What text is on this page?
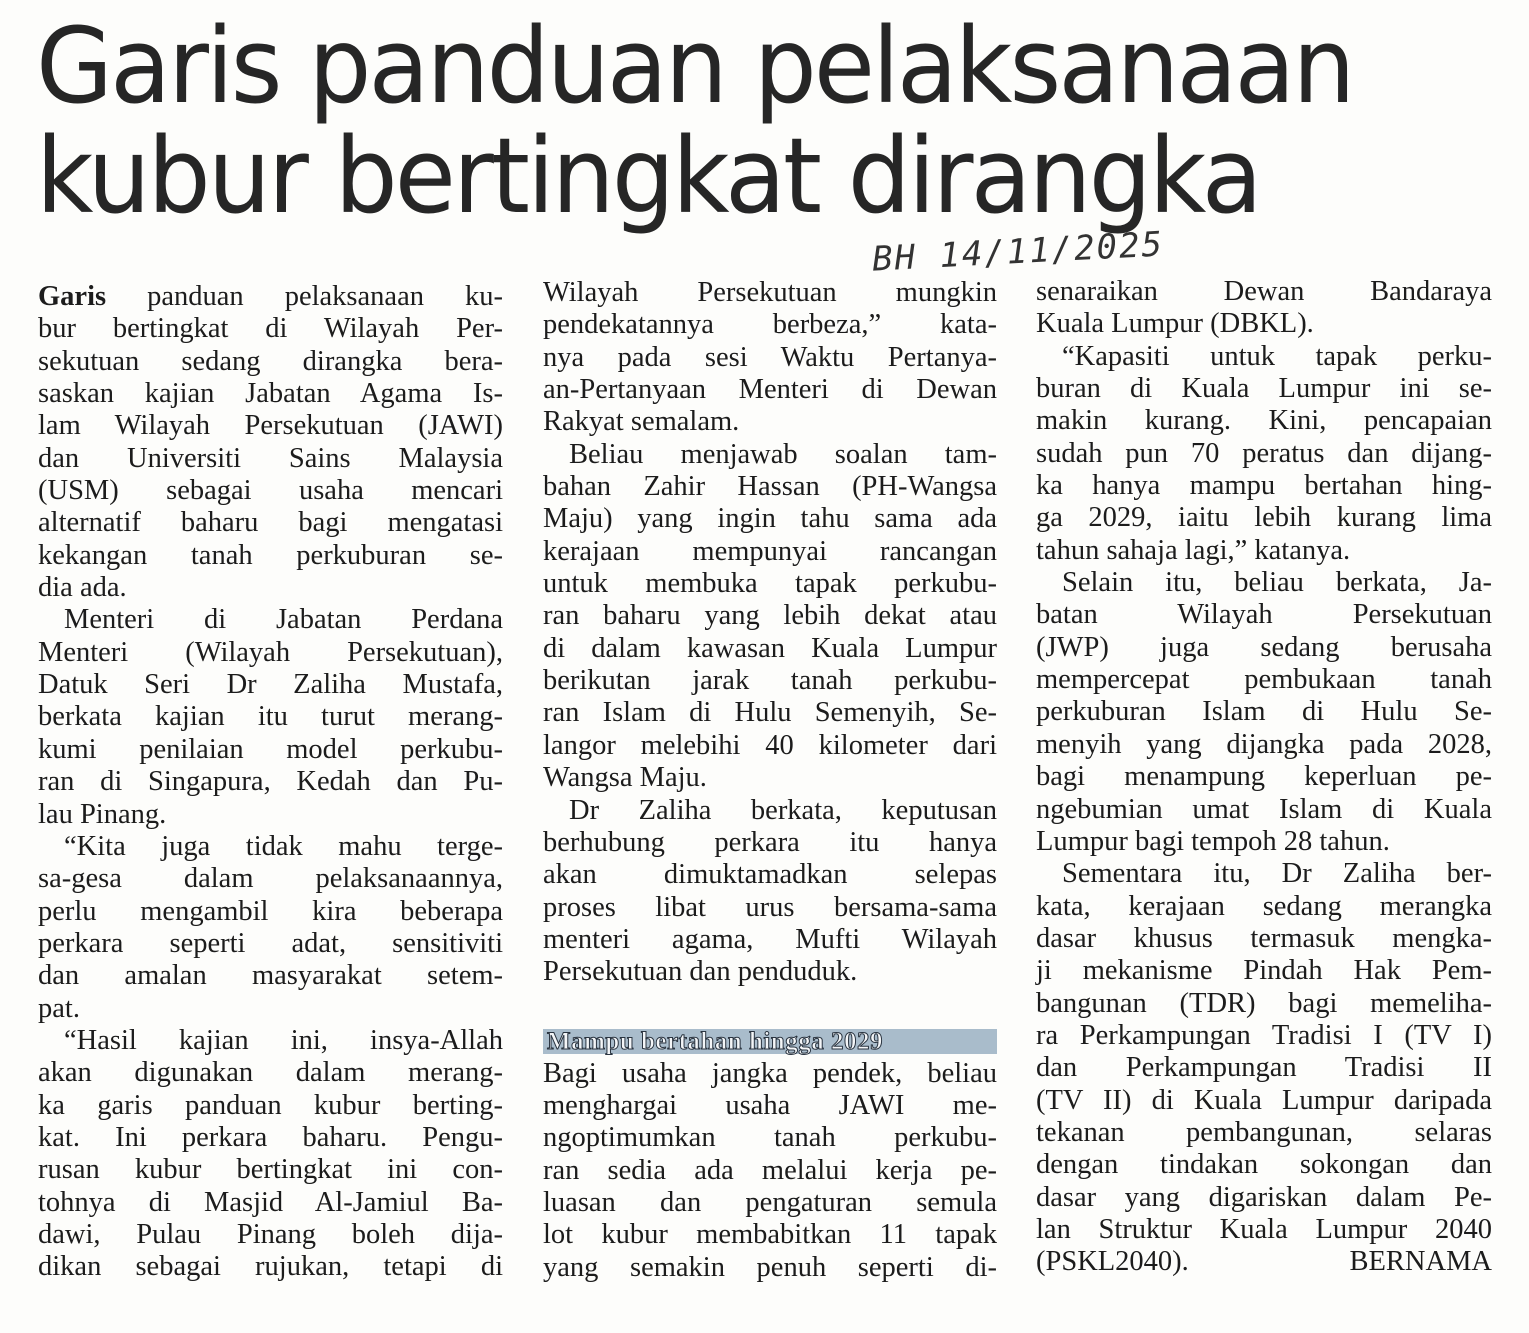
Garis panduan pelaksanaan
kubur bertingkat dirangka
BH 14/11/2025
Garis panduan pelaksanaan ku-
bur bertingkat di Wilayah Per-
sekutuan sedang dirangka bera-
saskan kajian Jabatan Agama Is-
lam Wilayah Persekutuan (JAWI)
dan Universiti Sains Malaysia
(USM) sebagai usaha mencari
alternatif baharu bagi mengatasi
kekangan tanah perkuburan se-
dia ada.
Menteri di Jabatan Perdana
Menteri (Wilayah Persekutuan),
Datuk Seri Dr Zaliha Mustafa,
berkata kajian itu turut merang-
kumi penilaian model perkubu-
ran di Singapura, Kedah dan Pu-
lau Pinang.
“Kita juga tidak mahu terge-
sa-gesa dalam pelaksanaannya,
perlu mengambil kira beberapa
perkara seperti adat, sensitiviti
dan amalan masyarakat setem-
pat.
“Hasil kajian ini, insya-Allah
akan digunakan dalam merang-
ka garis panduan kubur berting-
kat. Ini perkara baharu. Pengu-
rusan kubur bertingkat ini con-
tohnya di Masjid Al-Jamiul Ba-
dawi, Pulau Pinang boleh dija-
dikan sebagai rujukan, tetapi di
Wilayah Persekutuan mungkin
pendekatannya berbeza,” kata-
nya pada sesi Waktu Pertanya-
an-Pertanyaan Menteri di Dewan
Rakyat semalam.
Beliau menjawab soalan tam-
bahan Zahir Hassan (PH-Wangsa
Maju) yang ingin tahu sama ada
kerajaan mempunyai rancangan
untuk membuka tapak perkubu-
ran baharu yang lebih dekat atau
di dalam kawasan Kuala Lumpur
berikutan jarak tanah perkubu-
ran Islam di Hulu Semenyih, Se-
langor melebihi 40 kilometer dari
Wangsa Maju.
Dr Zaliha berkata, keputusan
berhubung perkara itu hanya
akan dimuktamadkan selepas
proses libat urus bersama-sama
menteri agama, Mufti Wilayah
Persekutuan dan penduduk.
Mampu bertahan hingga 2029
Bagi usaha jangka pendek, beliau
menghargai usaha JAWI me-
ngoptimumkan tanah perkubu-
ran sedia ada melalui kerja pe-
luasan dan pengaturan semula
lot kubur membabitkan 11 tapak
yang semakin penuh seperti di-
senaraikan Dewan Bandaraya
Kuala Lumpur (DBKL).
“Kapasiti untuk tapak perku-
buran di Kuala Lumpur ini se-
makin kurang. Kini, pencapaian
sudah pun 70 peratus dan dijang-
ka hanya mampu bertahan hing-
ga 2029, iaitu lebih kurang lima
tahun sahaja lagi,” katanya.
Selain itu, beliau berkata, Ja-
batan Wilayah Persekutuan
(JWP) juga sedang berusaha
mempercepat pembukaan tanah
perkuburan Islam di Hulu Se-
menyih yang dijangka pada 2028,
bagi menampung keperluan pe-
ngebumian umat Islam di Kuala
Lumpur bagi tempoh 28 tahun.
Sementara itu, Dr Zaliha ber-
kata, kerajaan sedang merangka
dasar khusus termasuk mengka-
ji mekanisme Pindah Hak Pem-
bangunan (TDR) bagi memeliha-
ra Perkampungan Tradisi I (TV I)
dan Perkampungan Tradisi II
(TV II) di Kuala Lumpur daripada
tekanan pembangunan, selaras
dengan tindakan sokongan dan
dasar yang digariskan dalam Pe-
lan Struktur Kuala Lumpur 2040
(PSKL2040).	BERNAMA
